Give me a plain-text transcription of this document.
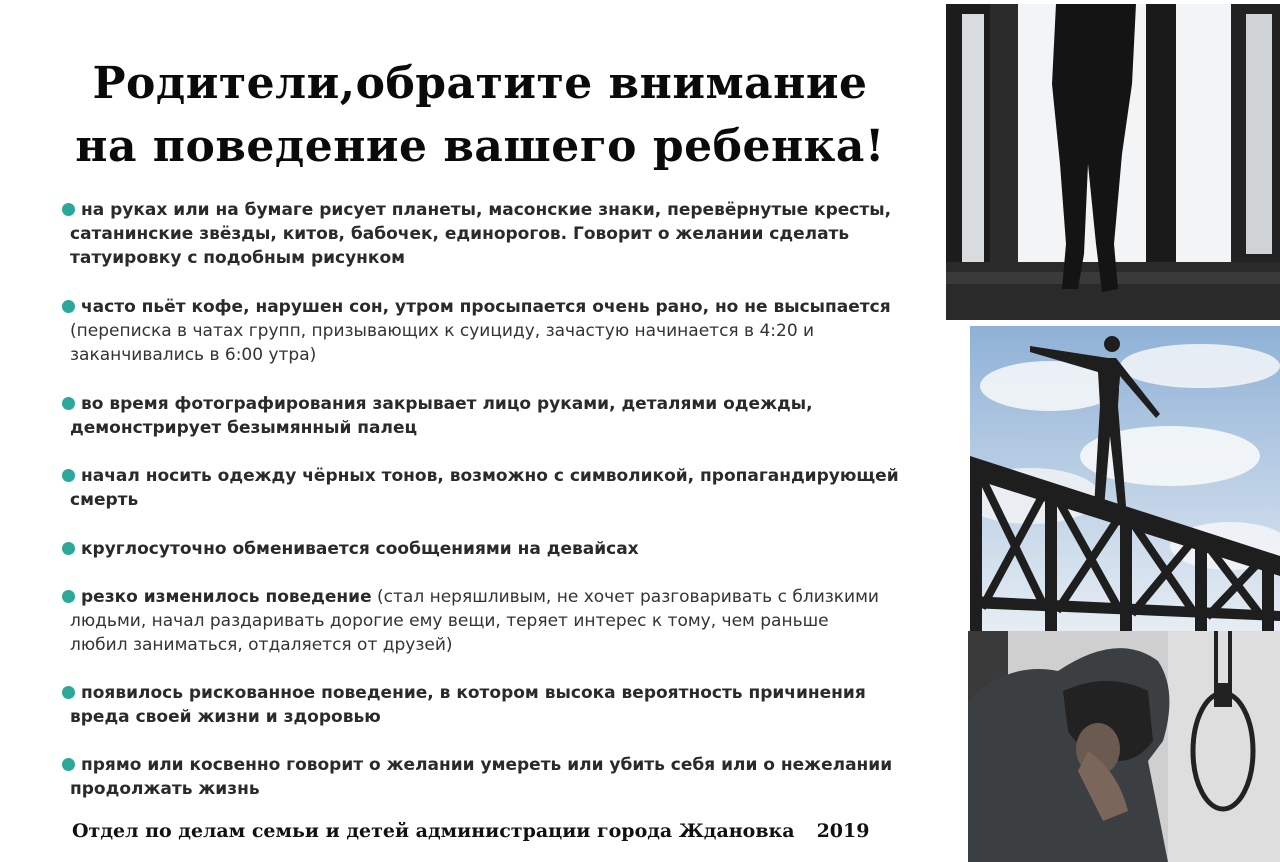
Родители,обратите внимание
на поведение вашего ребенка!
на руках или на бумаге рисует планеты, масонские знаки, перевёрнутые кресты,
сатанинские звёзды, китов, бабочек, единорогов. Говорит о желании сделать
татуировку с подобным рисунком
часто пьёт кофе, нарушен сон, утром просыпается очень рано, но не высыпается
(переписка в чатах групп, призывающих к суициду, зачастую начинается в 4:20 и
заканчивались в 6:00 утра)
во время фотографирования закрывает лицо руками, деталями одежды,
демонстрирует безымянный палец
начал носить одежду чёрных тонов, возможно с символикой, пропагандирующей
смерть
круглосуточно обменивается сообщениями на девайсах
резко изменилось поведение (стал неряшливым, не хочет разговаривать с близкими
людьми, начал раздаривать дорогие ему вещи, теряет интерес к тому, чем раньше
любил заниматься, отдаляется от друзей)
появилось рискованное поведение, в котором высока вероятность причинения
вреда своей жизни и здоровью
прямо или косвенно говорит о желании умереть или убить себя или о нежелании
продолжать жизнь
Отдел по делам семьи и детей администрации города Ждановка 2019
